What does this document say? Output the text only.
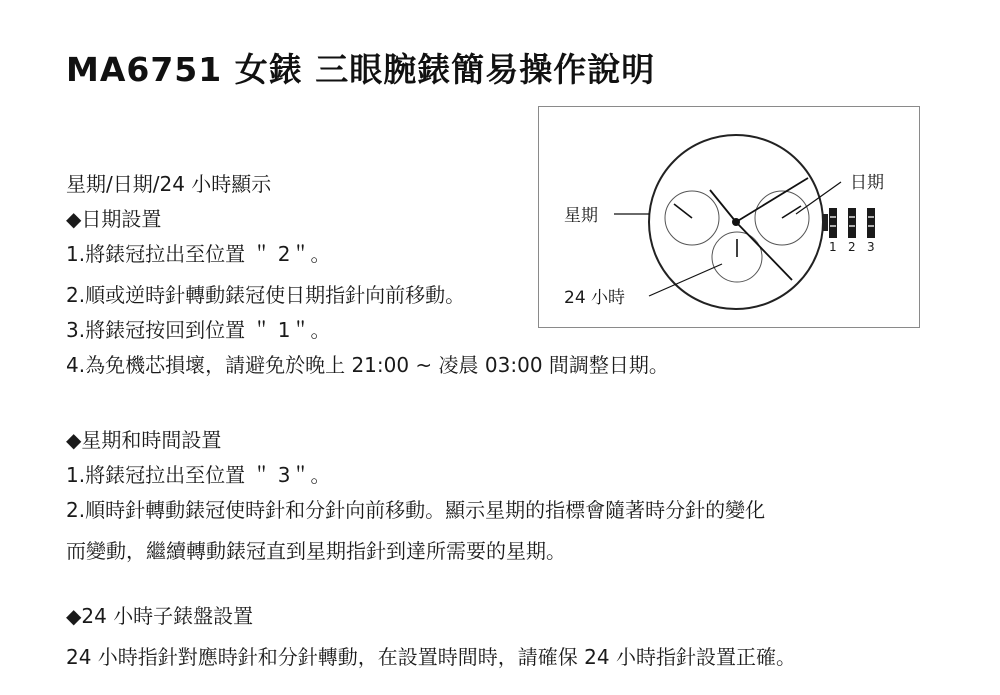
MA6751 女錶 三眼腕錶簡易操作說明
星期/日期/24 小時顯示
◆日期設置
1.將錶冠拉出至位置 ＂ 2＂。
2.順或逆時針轉動錶冠使日期指針向前移動。
3.將錶冠按回到位置 ＂ 1＂。
4.為免機芯損壞，請避免於晚上 21:00 ~ 凌晨 03:00 間調整日期。
◆星期和時間設置
1.將錶冠拉出至位置 ＂ 3＂。
2.順時針轉動錶冠使時針和分針向前移動。顯示星期的指標會隨著時分針的變化
而變動，繼續轉動錶冠直到星期指針到達所需要的星期。
◆24 小時子錶盤設置
24 小時指針對應時針和分針轉動，在設置時間時，請確保 24 小時指針設置正確。
1 2 3
星期
日期
24 小時
